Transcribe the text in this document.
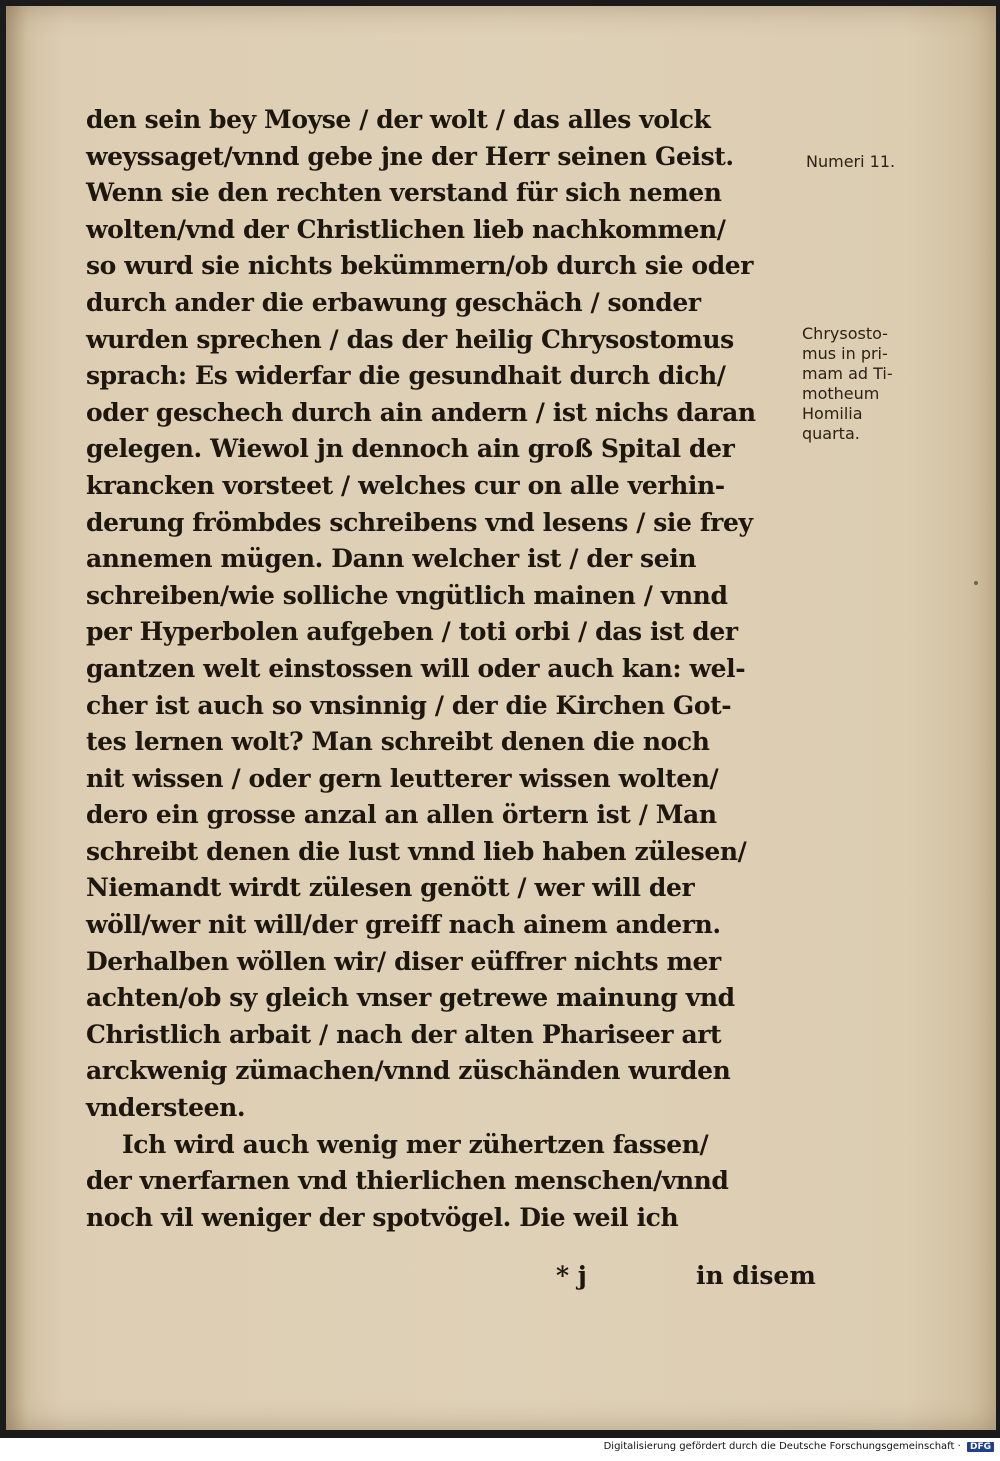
den sein bey Moyse / der wolt / das alles volck
weyssaget/vnnd gebe jne der Herr seinen Geist.
Wenn sie den rechten verstand für sich nemen
wolten/vnd der Christlichen lieb nachkommen/
so wurd sie nichts bekümmern/ob durch sie oder
durch ander die erbawung geschäch / sonder
wurden sprechen / das der heilig Chrysostomus
sprach: Es widerfar die gesundhait durch dich/
oder geschech durch ain andern / ist nichs daran
gelegen. Wiewol jn dennoch ain groß Spital der
krancken vorsteet / welches cur on alle verhin-
derung frömbdes schreibens vnd lesens / sie frey
annemen mügen. Dann welcher ist / der sein
schreiben/wie solliche vngütlich mainen / vnnd
per Hyperbolen aufgeben / toti orbi / das ist der
gantzen welt einstossen will oder auch kan: wel-
cher ist auch so vnsinnig / der die Kirchen Got-
tes lernen wolt? Man schreibt denen die noch
nit wissen / oder gern leutterer wissen wolten/
dero ein grosse anzal an allen örtern ist / Man
schreibt denen die lust vnnd lieb haben zülesen/
Niemandt wirdt zülesen genött / wer will der
wöll/wer nit will/der greiff nach ainem andern.
Derhalben wöllen wir/ diser eüffrer nichts mer
achten/ob sy gleich vnser getrewe mainung vnd
Christlich arbait / nach der alten Phariseer art
arckwenig zümachen/vnnd züschänden wurden
vndersteen.
Ich wird auch wenig mer zühertzen fassen/
der vnerfarnen vnd thierlichen menschen/vnnd
noch vil weniger der spotvögel. Die weil ich
* j	in disem
Numeri 11.
Chrysosto-
mus in pri-
mam ad Ti-
motheum
Homilia
quarta.
Digitalisierung gefördert durch die Deutsche Forschungsgemeinschaft · DFG
